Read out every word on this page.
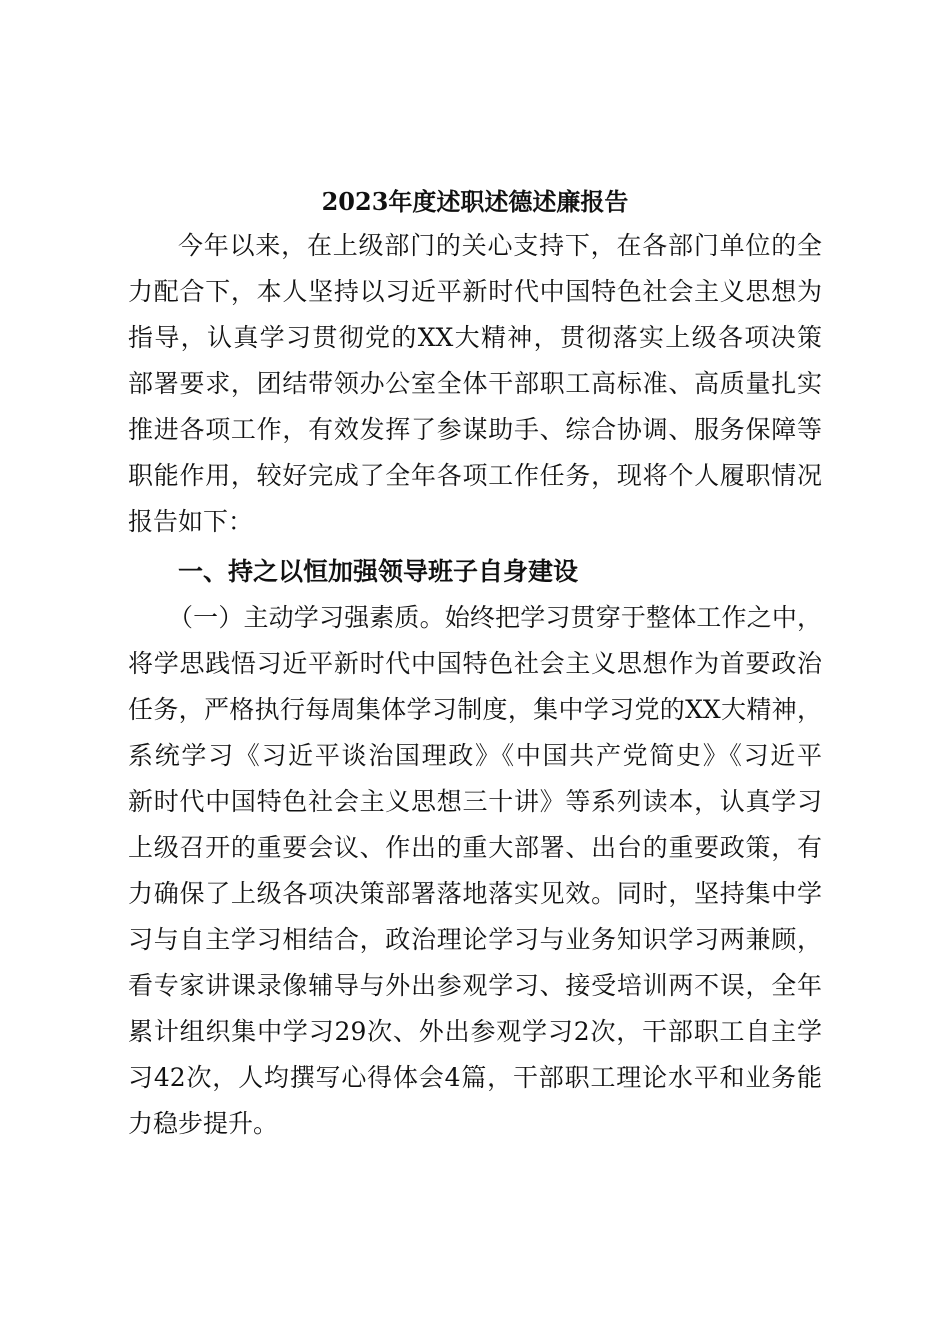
2023年度述职述德述廉报告
今年以来，在上级部门的关心支持下，在各部门单位的全
力配合下，本人坚持以习近平新时代中国特色社会主义思想为
指导，认真学习贯彻党的XX大精神，贯彻落实上级各项决策
部署要求，团结带领办公室全体干部职工高标准、高质量扎实
推进各项工作，有效发挥了参谋助手、综合协调、服务保障等
职能作用，较好完成了全年各项工作任务，现将个人履职情况
报告如下：
一、持之以恒加强领导班子自身建设
（一）主动学习强素质。始终把学习贯穿于整体工作之中，
将学思践悟习近平新时代中国特色社会主义思想作为首要政治
任务，严格执行每周集体学习制度，集中学习党的XX大精神，
系统学习《习近平谈治国理政》《中国共产党简史》《习近平
新时代中国特色社会主义思想三十讲》等系列读本，认真学习
上级召开的重要会议、作出的重大部署、出台的重要政策，有
力确保了上级各项决策部署落地落实见效。同时，坚持集中学
习与自主学习相结合，政治理论学习与业务知识学习两兼顾，
看专家讲课录像辅导与外出参观学习、接受培训两不误，全年
累计组织集中学习29次、外出参观学习2次，干部职工自主学
习42次，人均撰写心得体会4篇，干部职工理论水平和业务能
力稳步提升。
